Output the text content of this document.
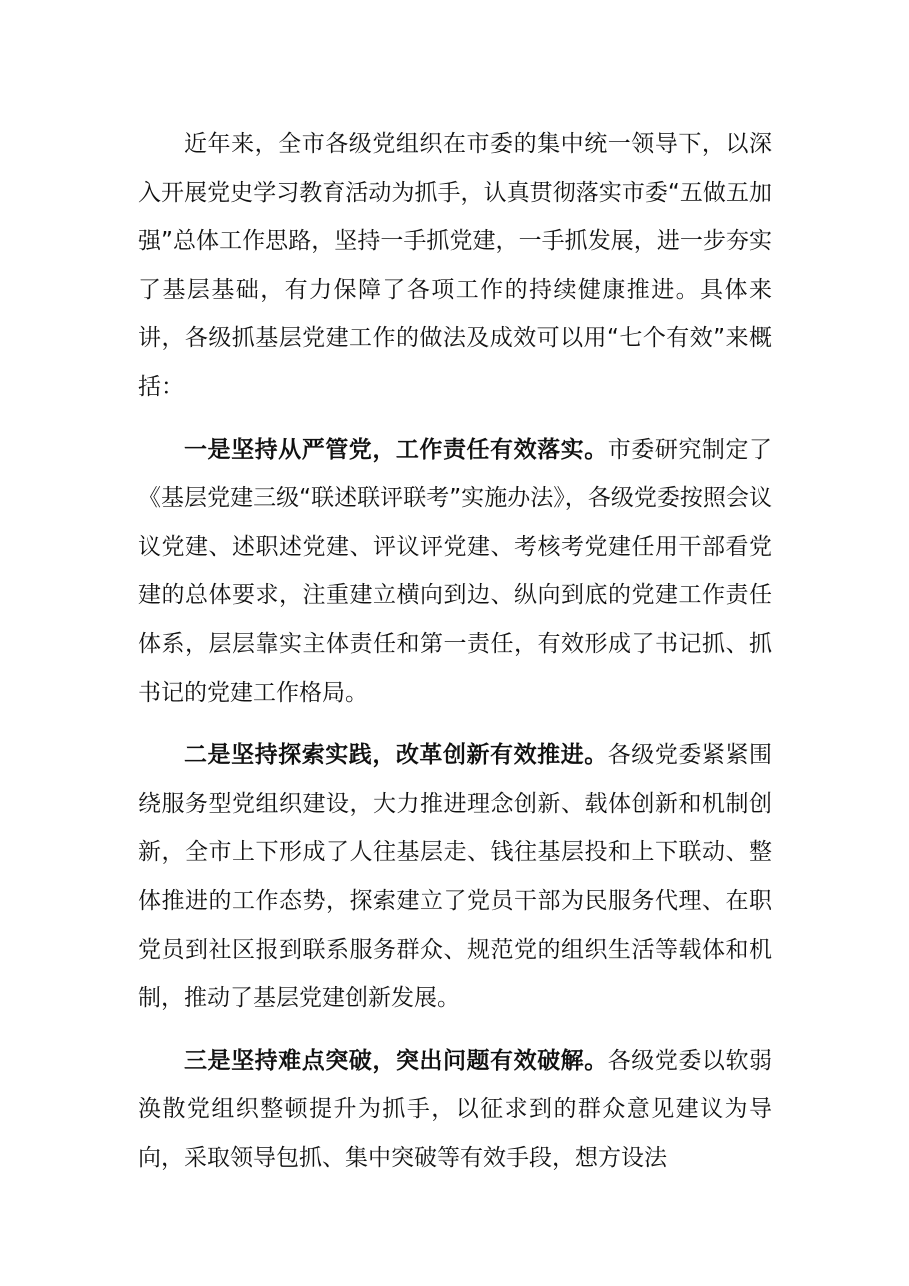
近年来，全市各级党组织在市委的集中统一领导下，以深入开展党史学习教育活动为抓手，认真贯彻落实市委“五做五加强”总体工作思路，坚持一手抓党建，一手抓发展，进一步夯实了基层基础，有力保障了各项工作的持续健康推进。具体来讲，各级抓基层党建工作的做法及成效可以用“七个有效”来概括：

一是坚持从严管党，工作责任有效落实。市委研究制定了《基层党建三级“联述联评联考”实施办法》，各级党委按照会议议党建、述职述党建、评议评党建、考核考党建任用干部看党建的总体要求，注重建立横向到边、纵向到底的党建工作责任体系，层层靠实主体责任和第一责任，有效形成了书记抓、抓书记的党建工作格局。

二是坚持探索实践，改革创新有效推进。各级党委紧紧围绕服务型党组织建设，大力推进理念创新、载体创新和机制创新，全市上下形成了人往基层走、钱往基层投和上下联动、整体推进的工作态势，探索建立了党员干部为民服务代理、在职党员到社区报到联系服务群众、规范党的组织生活等载体和机制，推动了基层党建创新发展。

三是坚持难点突破，突出问题有效破解。各级党委以软弱涣散党组织整顿提升为抓手，以征求到的群众意见建议为导向，采取领导包抓、集中突破等有效手段，想方设法
